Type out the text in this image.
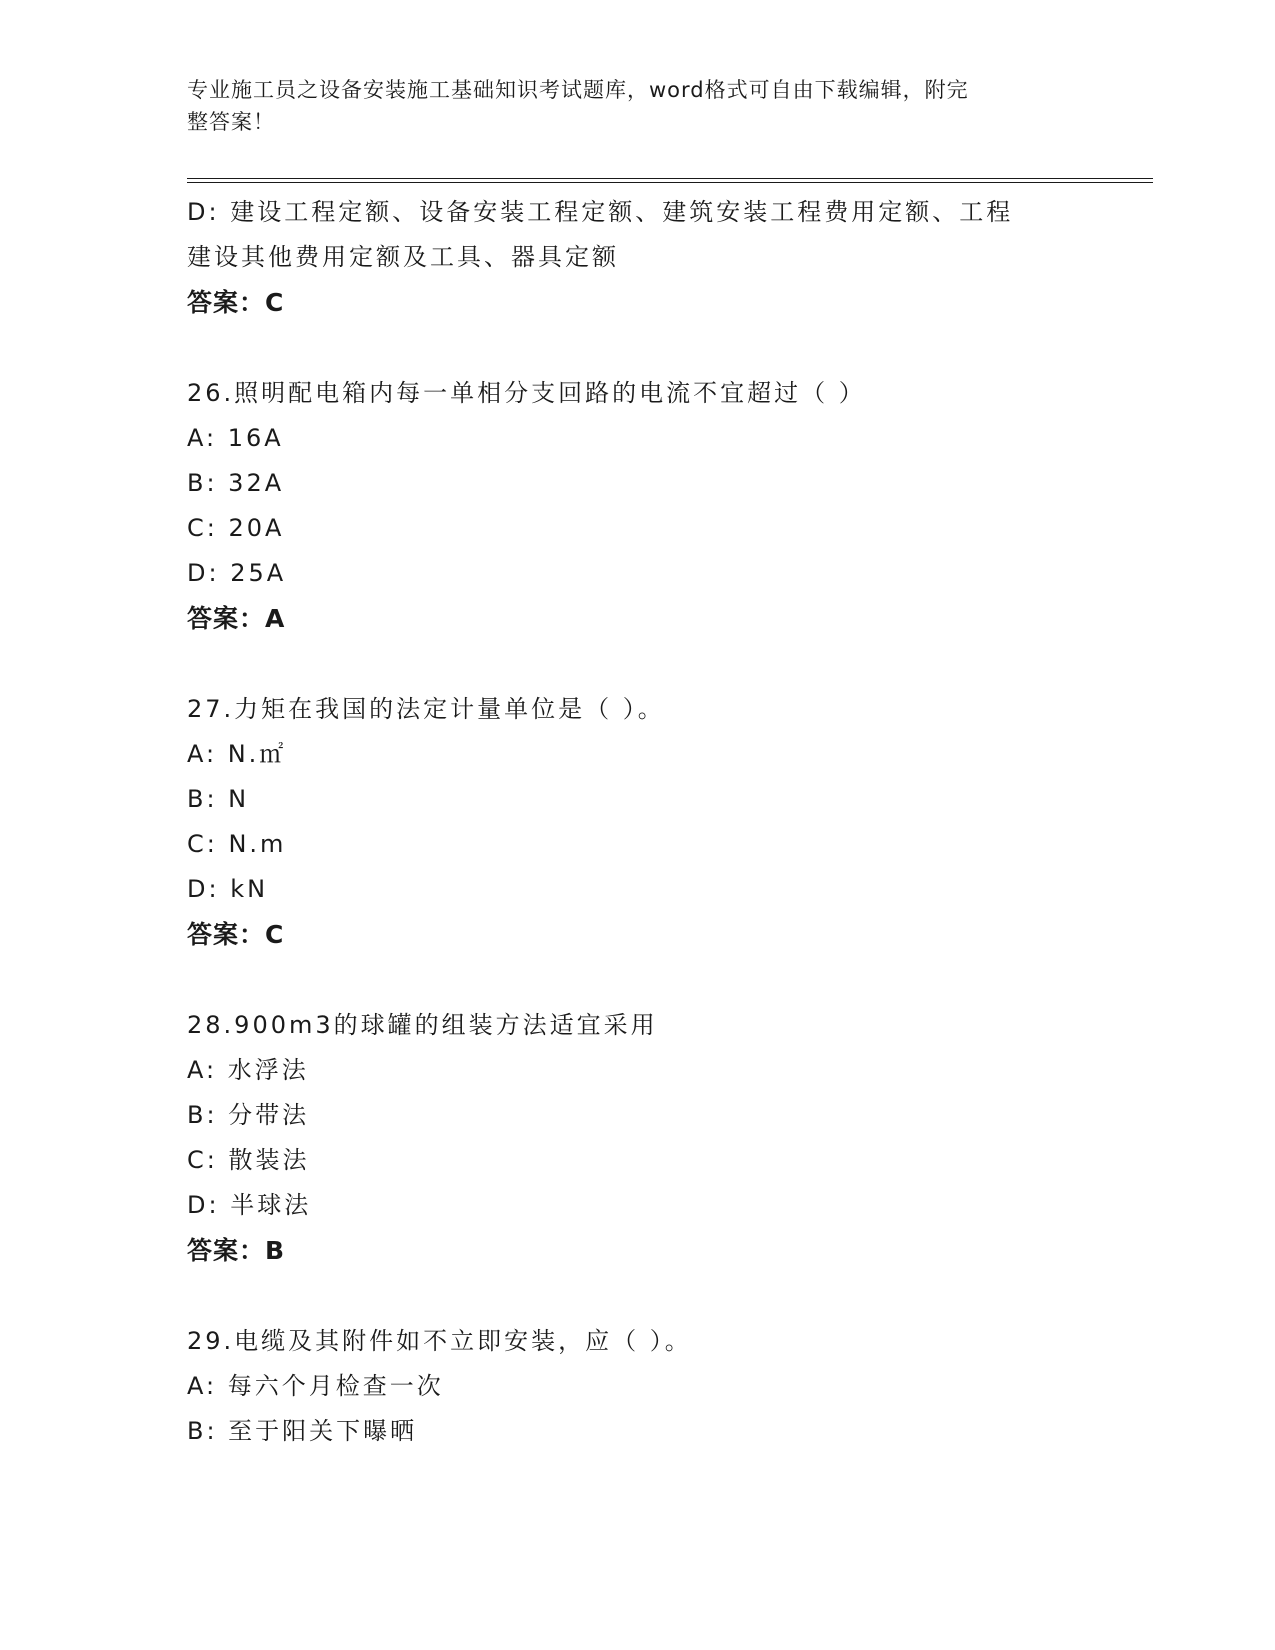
专业施工员之设备安装施工基础知识考试题库，word格式可自由下载编辑，附完
整答案！
D: 建设工程定额、设备安装工程定额、建筑安装工程费用定额、工程
建设其他费用定额及工具、器具定额
答案：C
26.照明配电箱内每一单相分支回路的电流不宜超过（ ）
A: 16A
B: 32A
C: 20A
D: 25A
答案：A
27.力矩在我国的法定计量单位是（ ）。
A: N.㎡
B: N
C: N.m
D: kN
答案：C
28.900m3的球罐的组装方法适宜采用
A: 水浮法
B: 分带法
C: 散装法
D: 半球法
答案：B
29.电缆及其附件如不立即安装，应（ ）。
A: 每六个月检查一次
B: 至于阳关下曝晒
